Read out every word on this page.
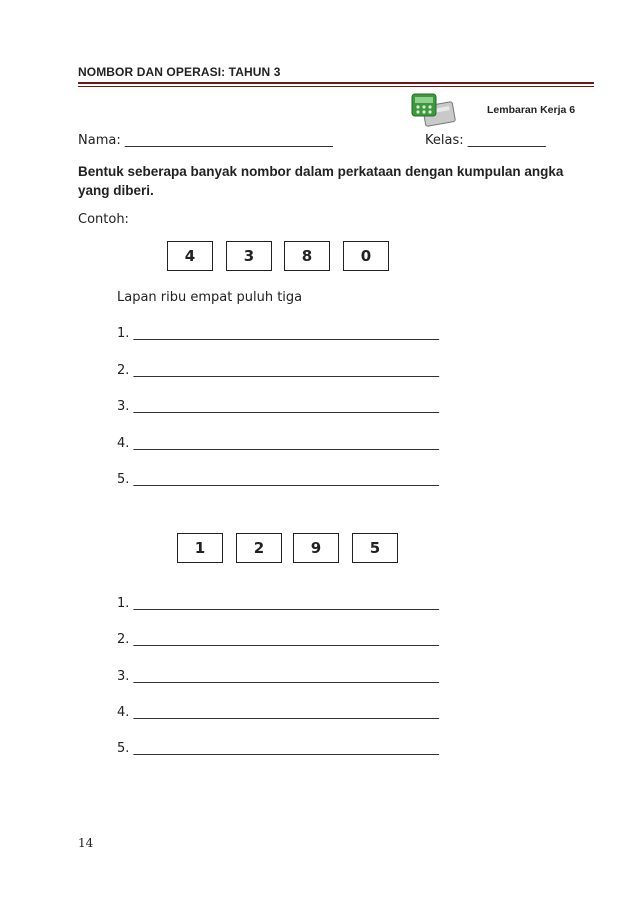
NOMBOR DAN OPERASI: TAHUN 3
Lembaran Kerja 6
Nama: ________________________________	Kelas: ____________
Bentuk seberapa banyak nombor dalam perkataan dengan kumpulan angka yang diberi.
Contoh:
4	3	8	0
Lapan ribu empat puluh tiga
1. _______________________________________________
2. _______________________________________________
3. _______________________________________________
4. _______________________________________________
5. _______________________________________________
1	2	9	5
1. _______________________________________________
2. _______________________________________________
3. _______________________________________________
4. _______________________________________________
5. _______________________________________________
14
